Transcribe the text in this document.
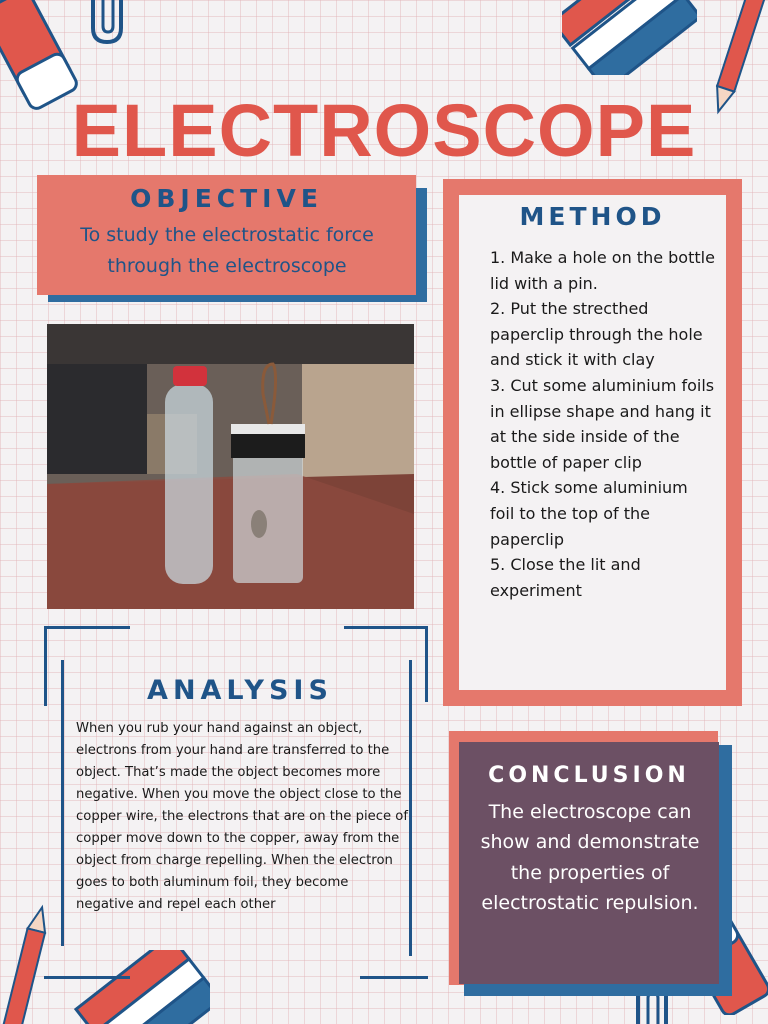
ELECTROSCOPE
OBJECTIVE
To study the electrostatic force through the electroscope
METHOD
1. Make a hole on the bottle lid with a pin.
2. Put the strecthed paperclip through the hole and stick it with clay
3. Cut some aluminium foils in ellipse shape and hang it at the side inside of the bottle of paper clip
4. Stick some aluminium foil to the top of the paperclip
5. Close the lit and experiment
ANALYSIS
When you rub your hand against an object, electrons from your hand are transferred to the object. That’s made the object becomes more negative. When you move the object close to the copper wire, the electrons that are on the piece of copper move down to the copper, away from the object from charge repelling. When the electron goes to both aluminum foil, they become negative and repel each other
CONCLUSION
The electroscope can show and demonstrate the properties of electrostatic repulsion.
